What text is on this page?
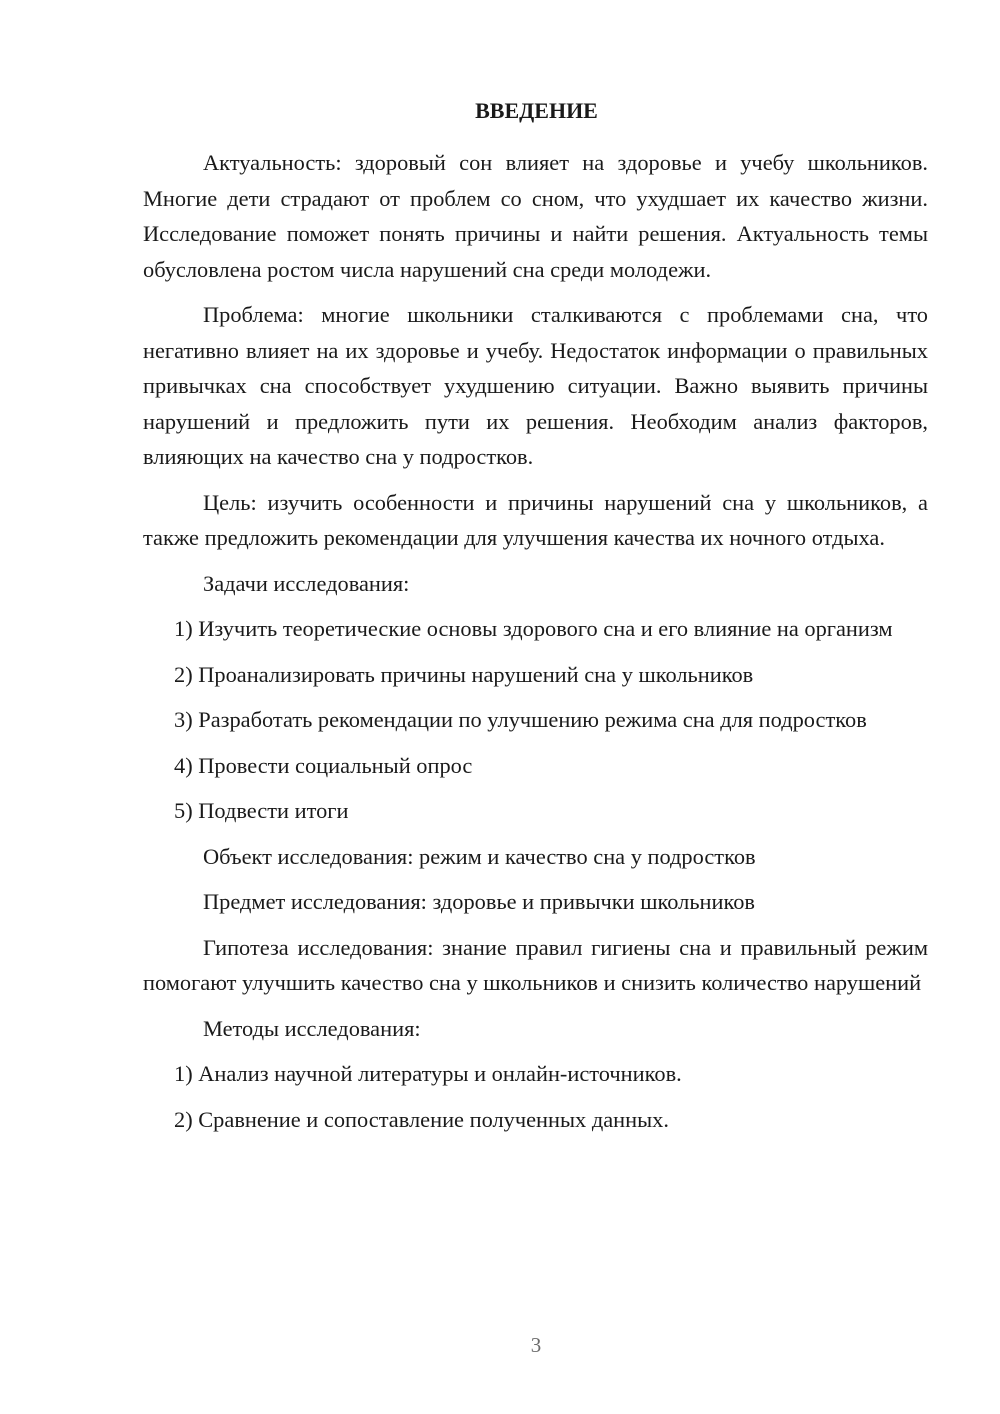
ВВЕДЕНИЕ
Актуальность: здоровый сон влияет на здоровье и учебу школьников. Многие дети страдают от проблем со сном, что ухудшает их качество жизни. Исследование поможет понять причины и найти решения. Актуальность темы обусловлена ростом числа нарушений сна среди молодежи.
Проблема: многие школьники сталкиваются с проблемами сна, что негативно влияет на их здоровье и учебу. Недостаток информации о правильных привычках сна способствует ухудшению ситуации. Важно выявить причины нарушений и предложить пути их решения. Необходим анализ факторов, влияющих на качество сна у подростков.
Цель: изучить особенности и причины нарушений сна у школьников, а также предложить рекомендации для улучшения качества их ночного отдыха.
Задачи исследования:
1) Изучить теоретические основы здорового сна и его влияние на организм
2) Проанализировать причины нарушений сна у школьников
3) Разработать рекомендации по улучшению режима сна для подростков
4) Провести социальный опрос
5) Подвести итоги
Объект исследования: режим и качество сна у подростков
Предмет исследования: здоровье и привычки школьников
Гипотеза исследования: знание правил гигиены сна и правильный режим помогают улучшить качество сна у школьников и снизить количество нарушений
Методы исследования:
1) Анализ научной литературы и онлайн-источников.
2) Сравнение и сопоставление полученных данных.
3
